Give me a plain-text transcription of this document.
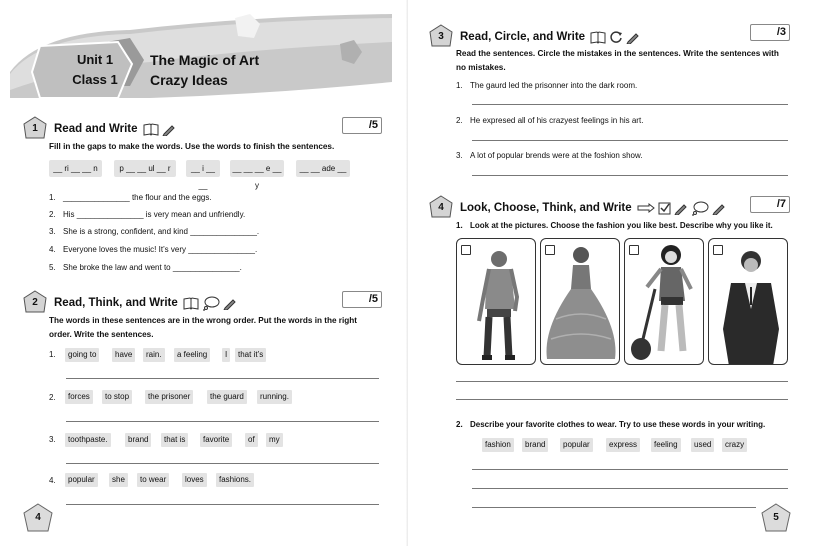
Unit 1
Class 1
The Magic of Art
Crazy Ideas
1	Read and Write	/5
Fill in the gaps to make the words. Use the words to finish the sentences.
__ ri __ __ n	p __ __ ul __ r	__ i __ __
__ __ __ e __ y
__ __ ade __
1. _______________ the flour and the eggs.
2. His _______________ is very mean and unfriendly.
3. She is a strong, confident, and kind _______________.
4. Everyone loves the music! It’s very _______________.
5. She broke the law and went to _______________.
2	Read, Think, and Write	/5
The words in these sentences are in the wrong order. Put the words in the right
order. Write the sentences.
1.	going to	have	rain.	a feeling	I	that it’s
2.	forces	to stop	the prisoner	the guard	running.
3.	toothpaste.	brand	that is	favorite	of	my
4.	popular	she	to wear	loves	fashions.
4
3	Read, Circle, and Write	/3
Read the sentences. Circle the mistakes in the sentences. Write the sentences with
no mistakes.
1. The gaurd led the prisonner into the dark room.
2. He expresed all of his crazyest feelings in his art.
3. A lot of popular brends were at the foshion show.
4	Look, Choose, Think, and Write	/7
1. Look at the pictures. Choose the fashion you like best. Describe why you like it.
2. Describe your favorite clothes to wear. Try to use these words in your writing.
fashion	brand	popular	express	feeling	used	crazy
5
